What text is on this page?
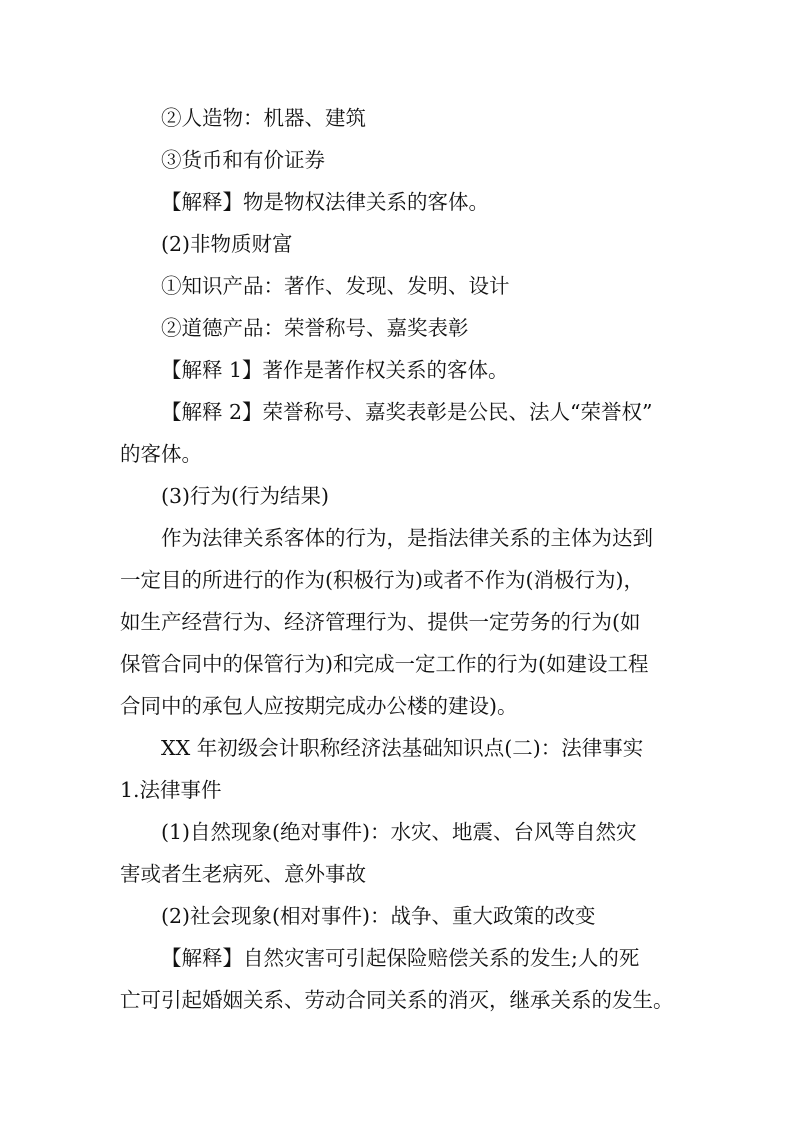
②人造物：机器、建筑
③货币和有价证券
【解释】物是物权法律关系的客体。
(2)非物质财富
①知识产品：著作、发现、发明、设计
②道德产品：荣誉称号、嘉奖表彰
【解释 1】著作是著作权关系的客体。
【解释 2】荣誉称号、嘉奖表彰是公民、法人“荣誉权”
的客体。
(3)行为(行为结果)
作为法律关系客体的行为，是指法律关系的主体为达到
一定目的所进行的作为(积极行为)或者不作为(消极行为)，
如生产经营行为、经济管理行为、提供一定劳务的行为(如
保管合同中的保管行为)和完成一定工作的行为(如建设工程
合同中的承包人应按期完成办公楼的建设)。
XX 年初级会计职称经济法基础知识点(二)：法律事实
1.法律事件
(1)自然现象(绝对事件)：水灾、地震、台风等自然灾
害或者生老病死、意外事故
(2)社会现象(相对事件)：战争、重大政策的改变
【解释】自然灾害可引起保险赔偿关系的发生;人的死
亡可引起婚姻关系、劳动合同关系的消灭，继承关系的发生。
